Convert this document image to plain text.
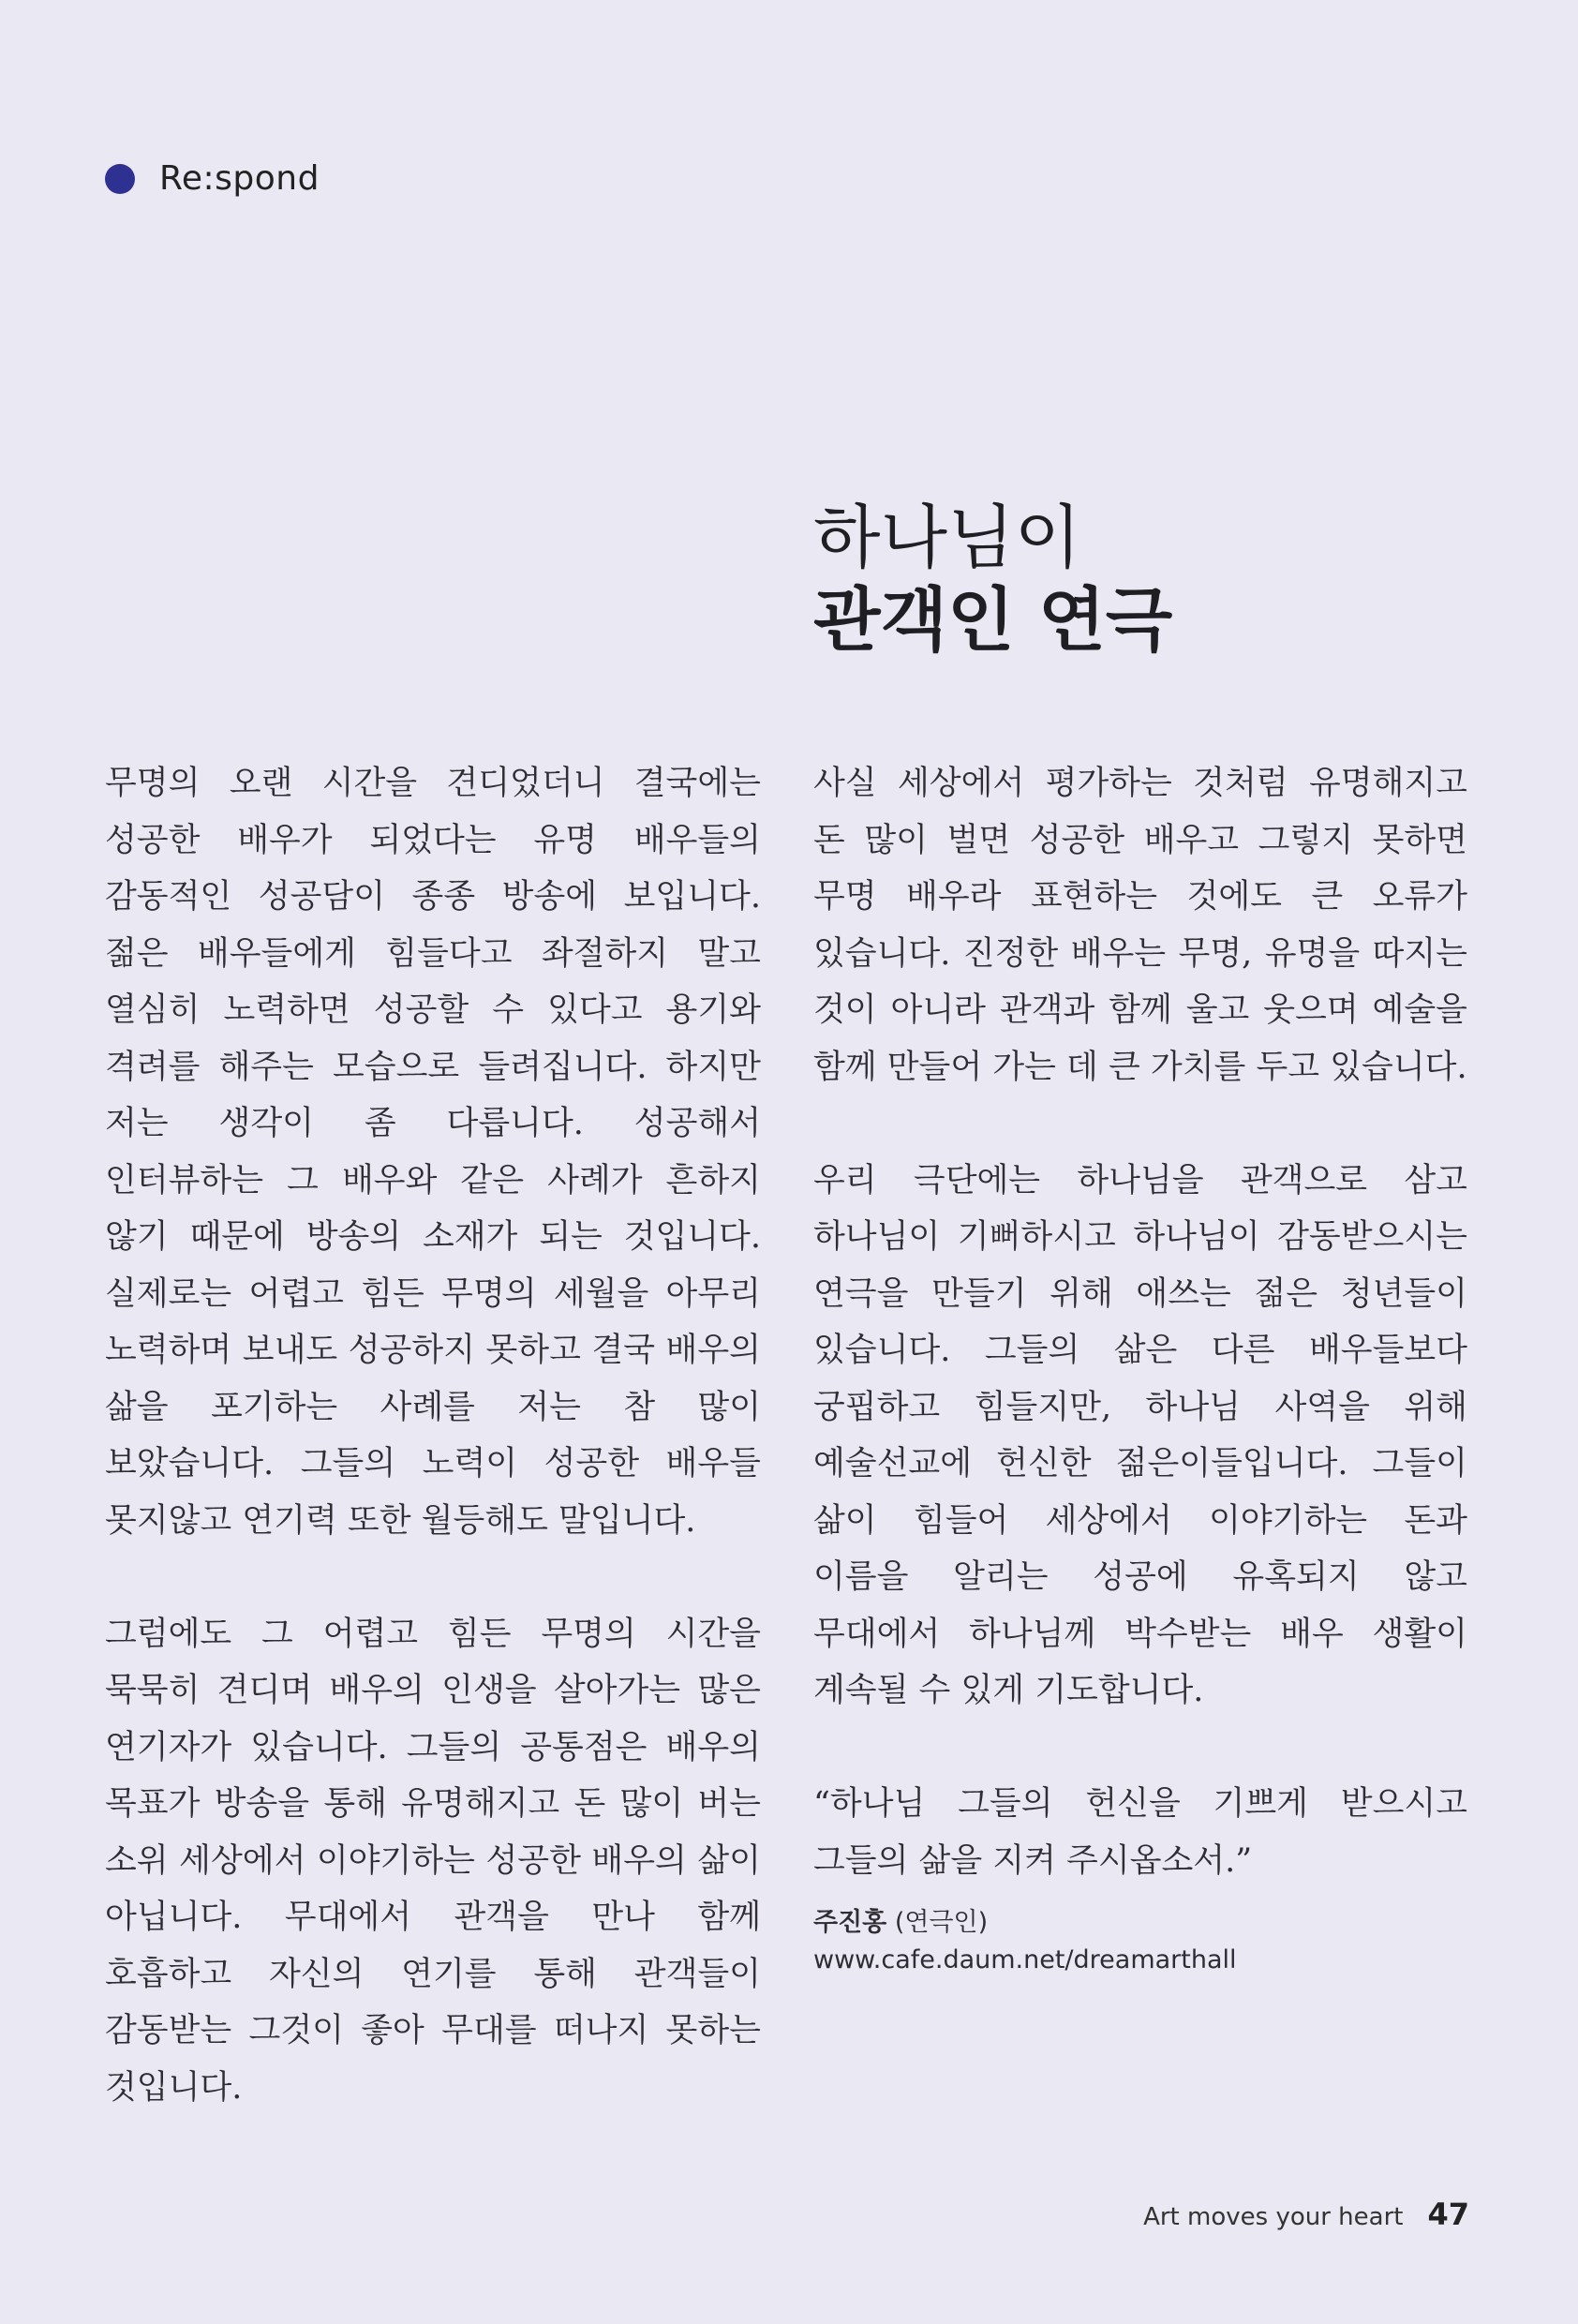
Re:spond
하나님이
관객인 연극

무명의 오랜 시간을 견디었더니 결국에는 성공한 배우가 되었다는 유명 배우들의 감동적인 성공담이 종종 방송에 보입니다. 젊은 배우들에게 힘들다고 좌절하지 말고 열심히 노력하면 성공할 수 있다고 용기와 격려를 해주는 모습으로 들려집니다. 하지만 저는 생각이 좀 다릅니다. 성공해서 인터뷰하는 그 배우와 같은 사례가 흔하지 않기 때문에 방송의 소재가 되는 것입니다. 실제로는 어렵고 힘든 무명의 세월을 아무리 노력하며 보내도 성공하지 못하고 결국 배우의 삶을 포기하는 사례를 저는 참 많이 보았습니다. 그들의 노력이 성공한 배우들 못지않고 연기력 또한 월등해도 말입니다.

그럼에도 그 어렵고 힘든 무명의 시간을 묵묵히 견디며 배우의 인생을 살아가는 많은 연기자가 있습니다. 그들의 공통점은 배우의 목표가 방송을 통해 유명해지고 돈 많이 버는 소위 세상에서 이야기하는 성공한 배우의 삶이 아닙니다. 무대에서 관객을 만나 함께 호흡하고 자신의 연기를 통해 관객들이 감동받는 그것이 좋아 무대를 떠나지 못하는 것입니다.

사실 세상에서 평가하는 것처럼 유명해지고 돈 많이 벌면 성공한 배우고 그렇지 못하면 무명 배우라 표현하는 것에도 큰 오류가 있습니다. 진정한 배우는 무명, 유명을 따지는 것이 아니라 관객과 함께 울고 웃으며 예술을 함께 만들어 가는 데 큰 가치를 두고 있습니다.

우리 극단에는 하나님을 관객으로 삼고 하나님이 기뻐하시고 하나님이 감동받으시는 연극을 만들기 위해 애쓰는 젊은 청년들이 있습니다. 그들의 삶은 다른 배우들보다 궁핍하고 힘들지만, 하나님 사역을 위해 예술선교에 헌신한 젊은이들입니다. 그들이 삶이 힘들어 세상에서 이야기하는 돈과 이름을 알리는 성공에 유혹되지 않고 무대에서 하나님께 박수받는 배우 생활이 계속될 수 있게 기도합니다.

“하나님 그들의 헌신을 기쁘게 받으시고 그들의 삶을 지켜 주시옵소서.”

주진홍 (연극인)
www.cafe.daum.net/dreamarthall
Art moves your heart 47
